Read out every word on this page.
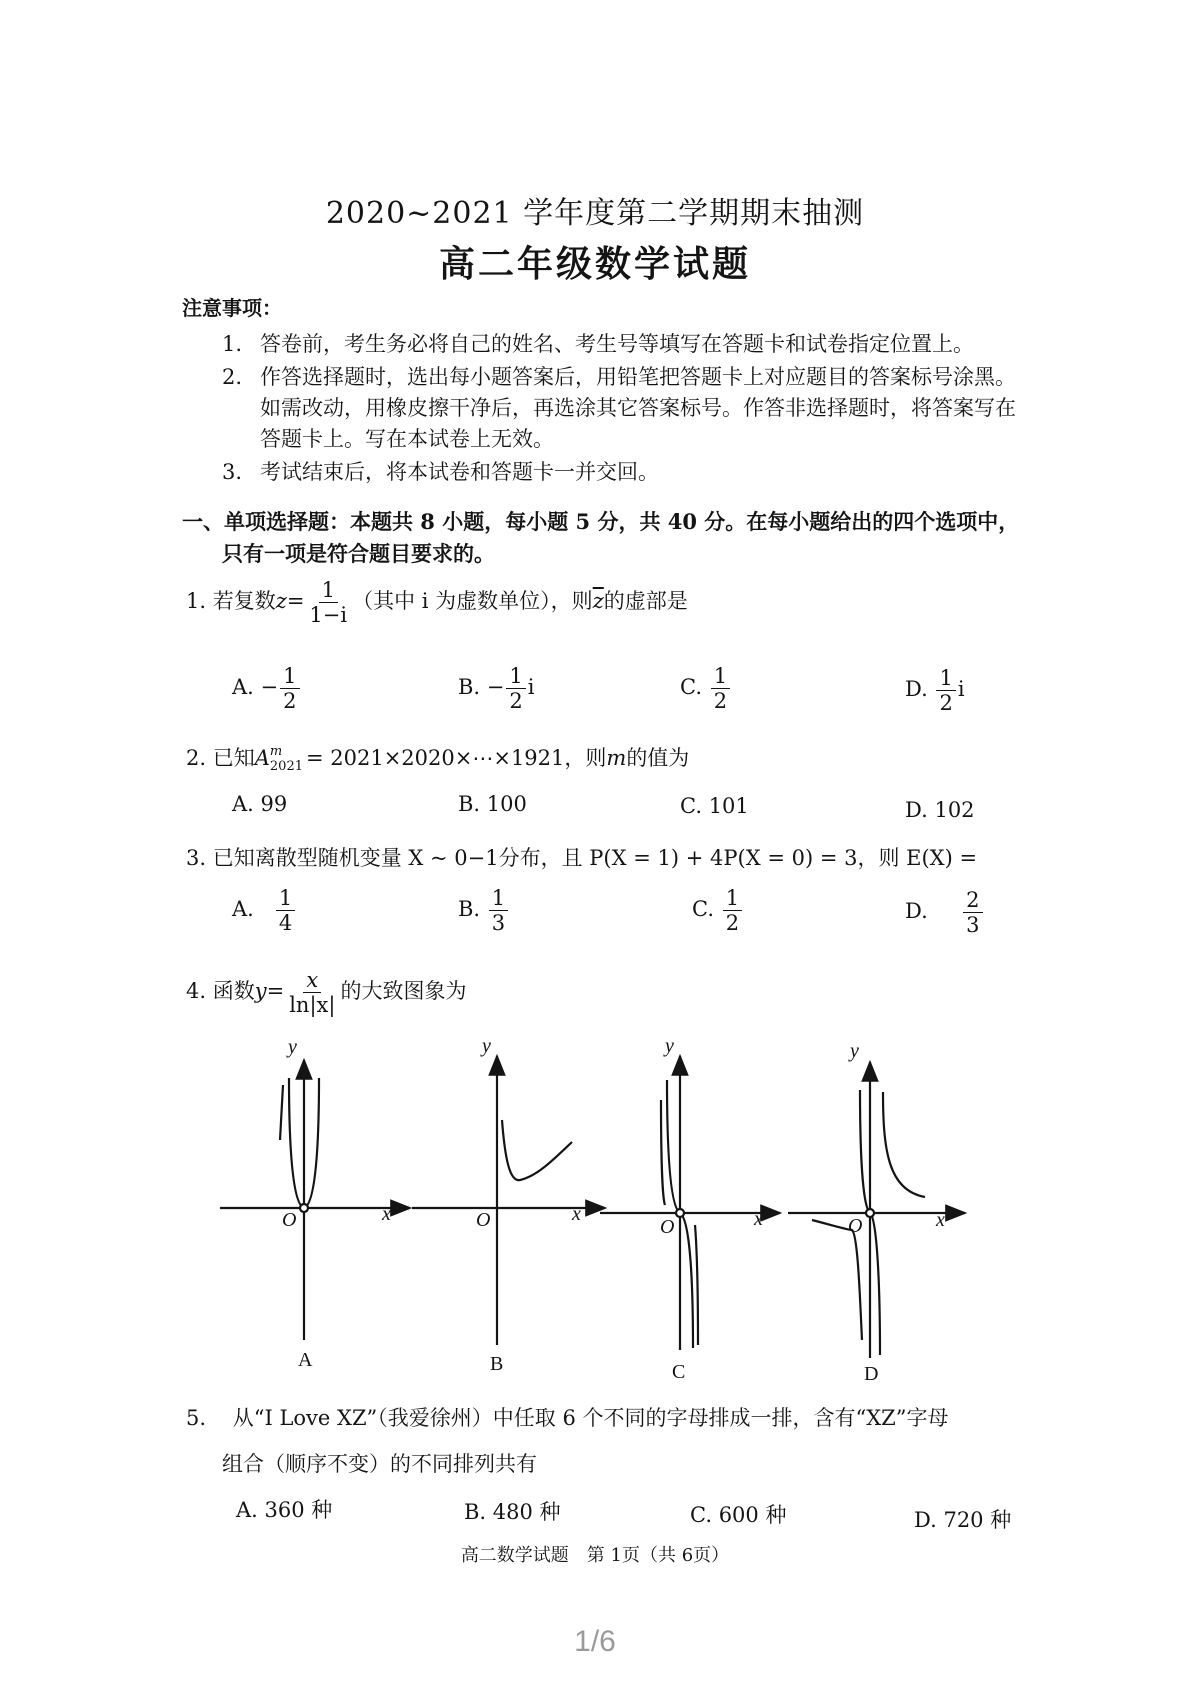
2020~2021 学年度第二学期期末抽测
高二年级数学试题
注意事项：
1. 答卷前，考生务必将自己的姓名、考生号等填写在答题卡和试卷指定位置上。
2. 作答选择题时，选出每小题答案后，用铅笔把答题卡上对应题目的答案标号涂黑。
如需改动，用橡皮擦干净后，再选涂其它答案标号。作答非选择题时，将答案写在
答题卡上。写在本试卷上无效。
3. 考试结束后，将本试卷和答题卡一并交回。
一、单项选择题：本题共 8 小题，每小题 5 分，共 40 分。在每小题给出的四个选项中，
只有一项是符合题目要求的。
1. 若复数$z= \frac{1}{1-i}$ （其中 i 为虚数单位），则$\overline{z}$的虚部是
A. − $\frac{1}{2}$	B. − $\frac{1}{2}$ i	C. $\frac{1}{2}$	D. $\frac{1}{2}$ i
2. 已知A m
2021 = 2021×2020×⋯×1921，则m的值为
A. 99	B. 100	C. 101	D. 102
3. 已知离散型随机变量 X ~ 0−1分布，且 P(X = 1) + 4P(X = 0) = 3，则 E(X) =
A. $\frac{1}{4}$	B. $\frac{1}{3}$	C. $\frac{1}{2}$	D. $\frac{2}{3}$
4. 函数$y= \frac{x}{\ln|x|}$ 的大致图象为
y
x
O
A
y
x
O
B
y
x
O
C
y
x
O
D
5. 从“I Love XZ”（我爱徐州）中任取 6 个不同的字母排成一排，含有“XZ”字母
组合（顺序不变）的不同排列共有
A. 360 种	B. 480 种	C. 600 种	D. 720 种
高二数学试题　第 1页（共 6页）
1/6
